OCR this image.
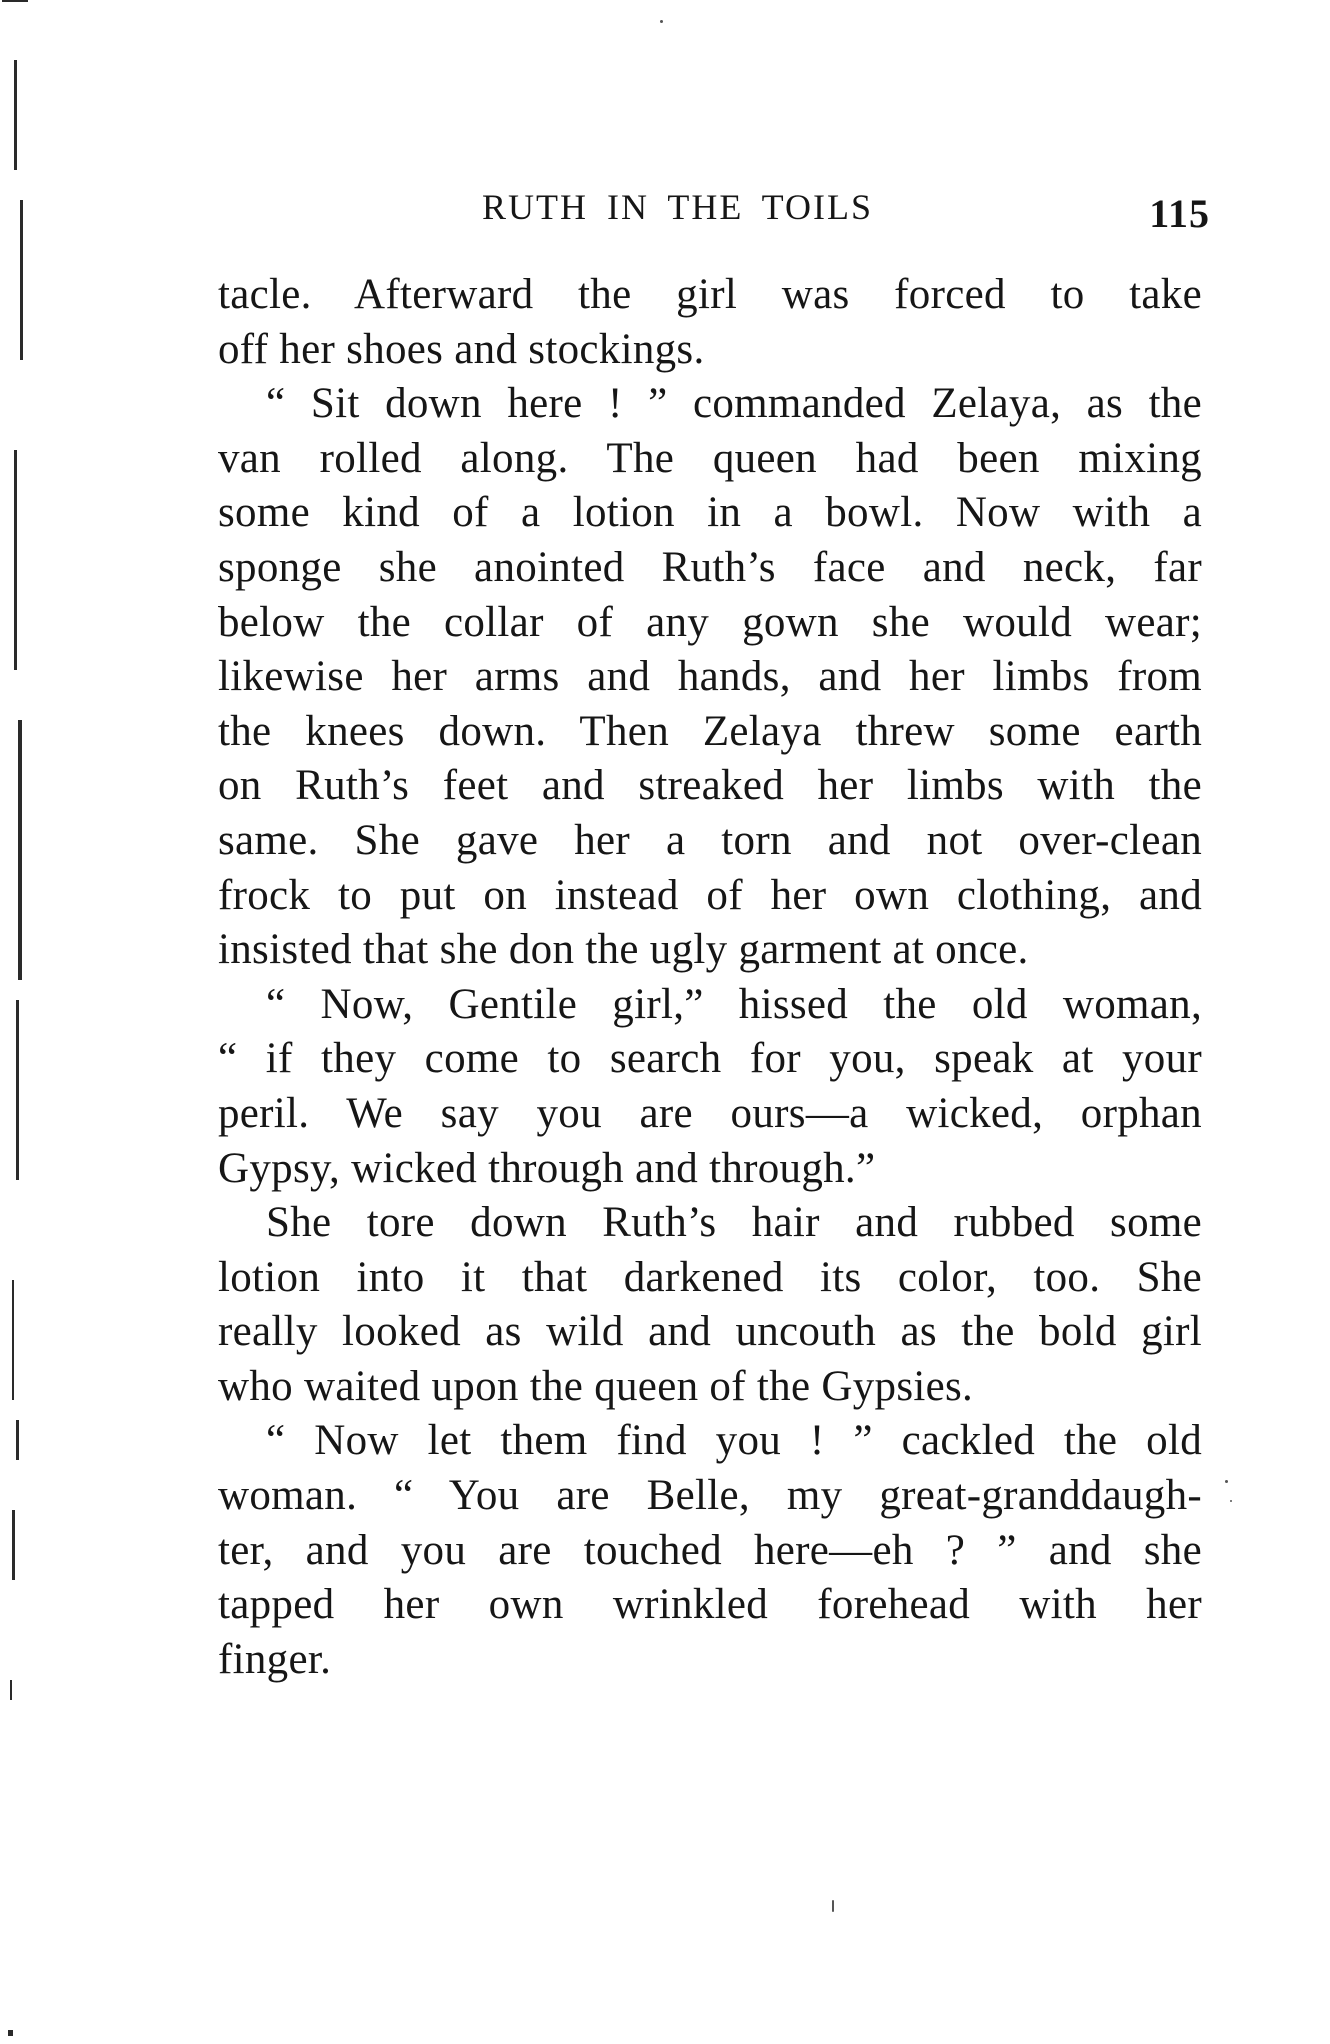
RUTH IN THE TOILS	115
tacle. Afterward the girl was forced to take
off her shoes and stockings.
“ Sit down here ! ” commanded Zelaya, as the
van rolled along. The queen had been mixing
some kind of a lotion in a bowl. Now with a
sponge she anointed Ruth’s face and neck, far
below the collar of any gown she would wear;
likewise her arms and hands, and her limbs from
the knees down. Then Zelaya threw some earth
on Ruth’s feet and streaked her limbs with the
same. She gave her a torn and not over-clean
frock to put on instead of her own clothing, and
insisted that she don the ugly garment at once.
“ Now, Gentile girl,” hissed the old woman,
“ if they come to search for you, speak at your
peril. We say you are ours—a wicked, orphan
Gypsy, wicked through and through.”
She tore down Ruth’s hair and rubbed some
lotion into it that darkened its color, too. She
really looked as wild and uncouth as the bold girl
who waited upon the queen of the Gypsies.
“ Now let them find you ! ” cackled the old
woman. “ You are Belle, my great-granddaugh-
ter, and you are touched here—eh ? ” and she
tapped her own wrinkled forehead with her
finger.
